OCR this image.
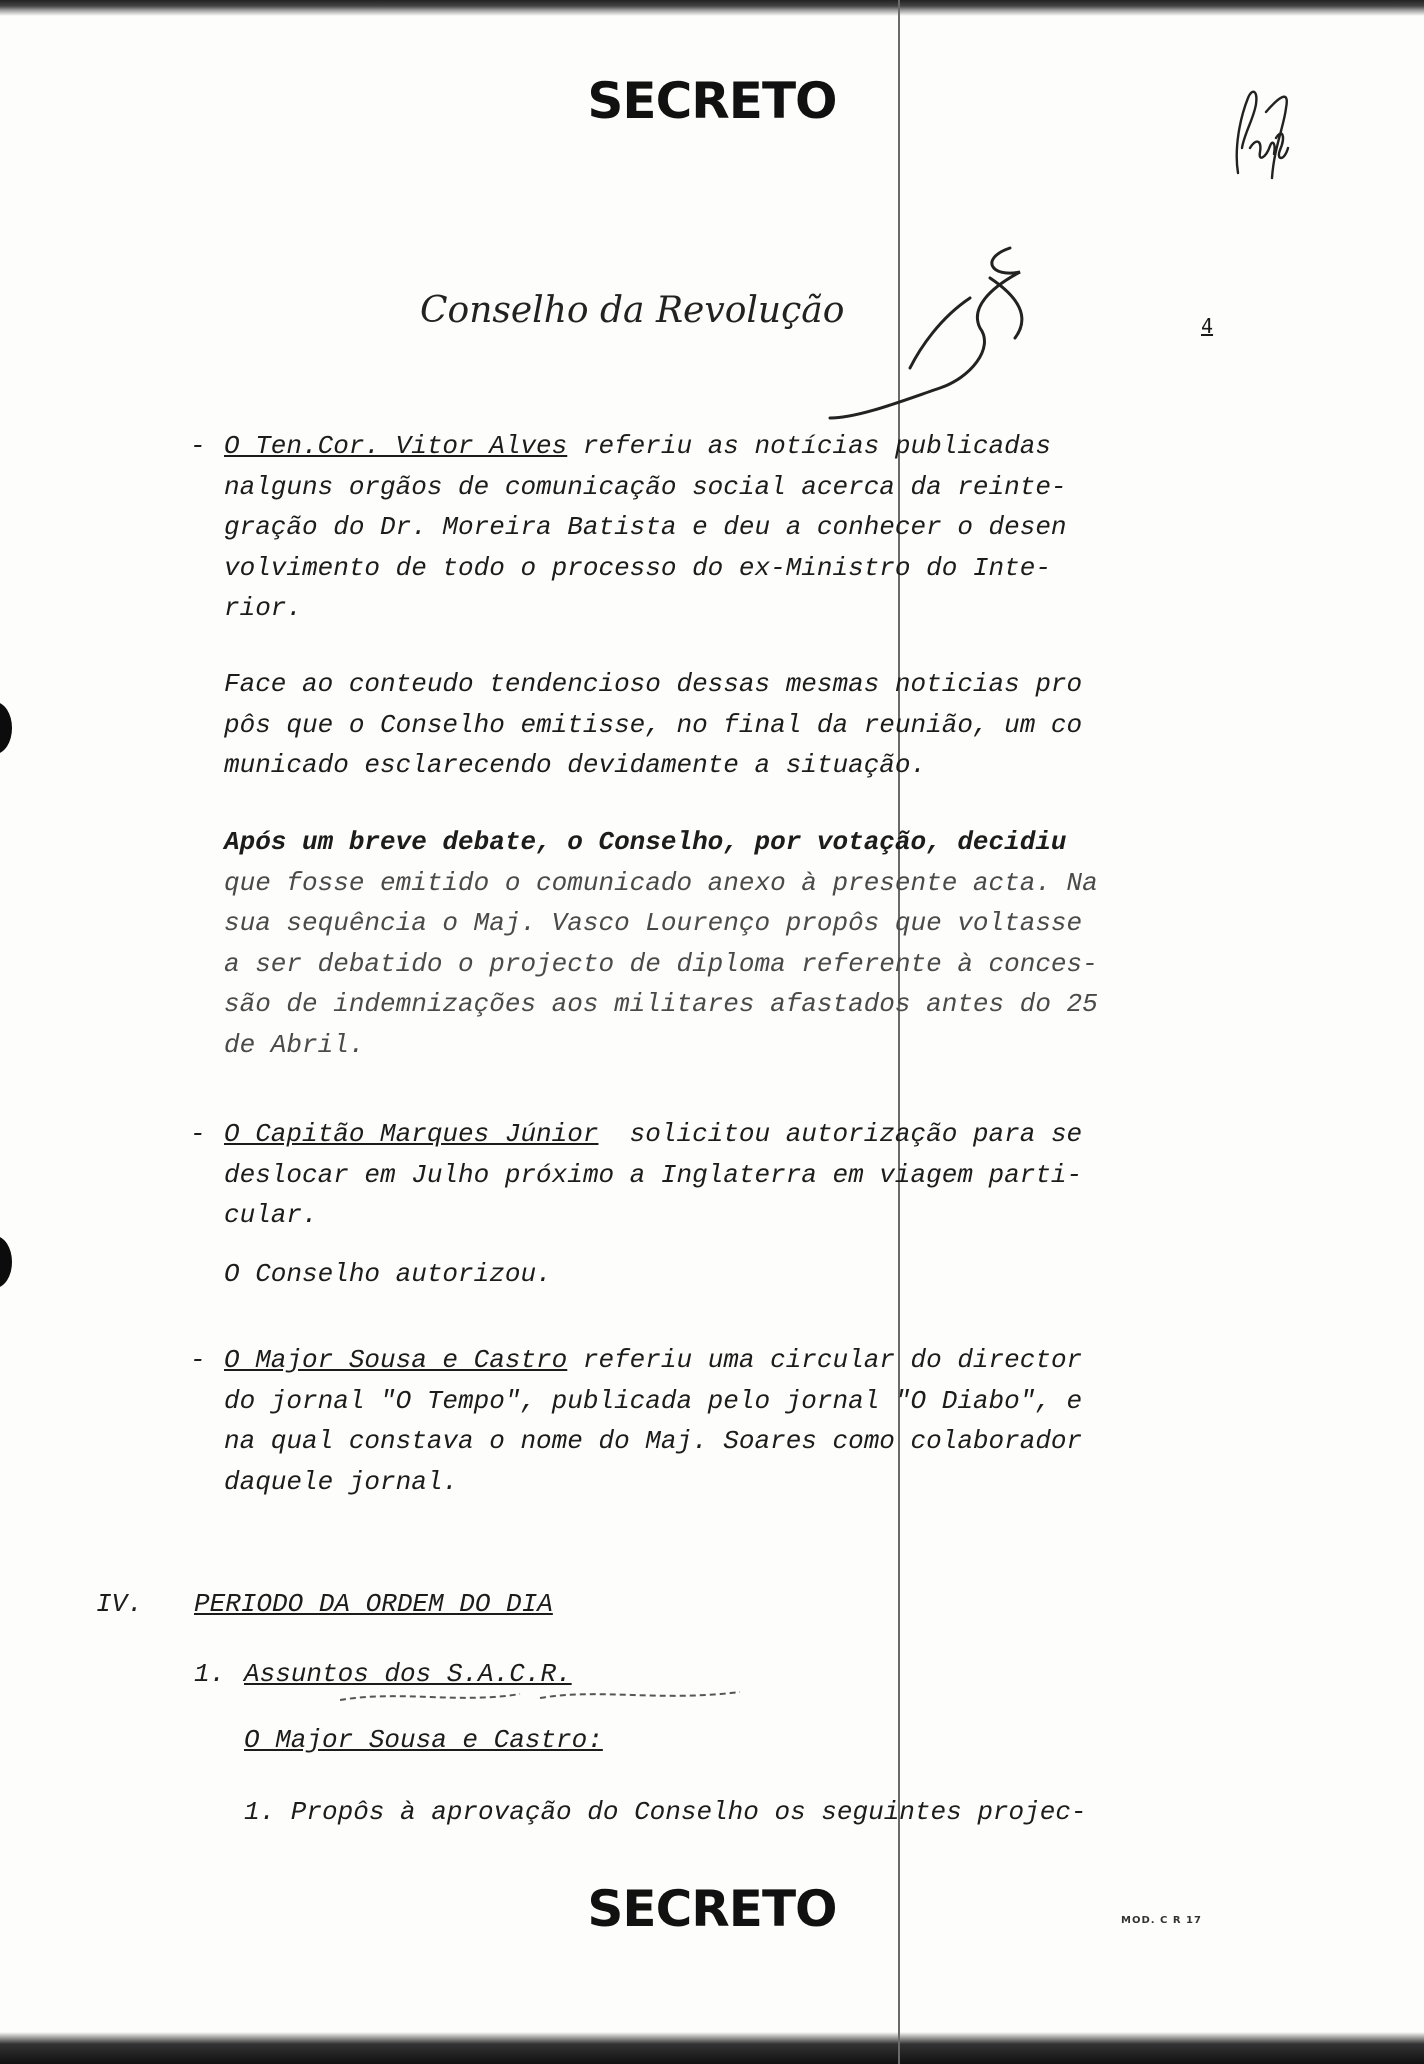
SECRETO
Conselho da Revolução	4
- O Ten.Cor. Vitor Alves referiu as notícias publicadas
nalguns orgãos de comunicação social acerca da reinte-
gração do Dr. Moreira Batista e deu a conhecer o desen
volvimento de todo o processo do ex-Ministro do Inte-
rior.
Face ao conteudo tendencioso dessas mesmas noticias pro
pôs que o Conselho emitisse, no final da reunião, um co
municado esclarecendo devidamente a situação.
Após um breve debate, o Conselho, por votação, decidiu
que fosse emitido o comunicado anexo à presente acta. Na
sua sequência o Maj. Vasco Lourenço propôs que voltasse
a ser debatido o projecto de diploma referente à conces-
são de indemnizações aos militares afastados antes do 25
de Abril.
- O Capitão Marques Júnior  solicitou autorização para se
deslocar em Julho próximo a Inglaterra em viagem parti-
cular.
O Conselho autorizou.
- O Major Sousa e Castro referiu uma circular do director
do jornal "O Tempo", publicada pelo jornal "O Diabo", e
na qual constava o nome do Maj. Soares como colaborador
daquele jornal.
IV. PERIODO DA ORDEM DO DIA
1. Assuntos dos S.A.C.R.
O Major Sousa e Castro:
1. Propôs à aprovação do Conselho os seguintes projec-
SECRETO	MOD. C R 17
